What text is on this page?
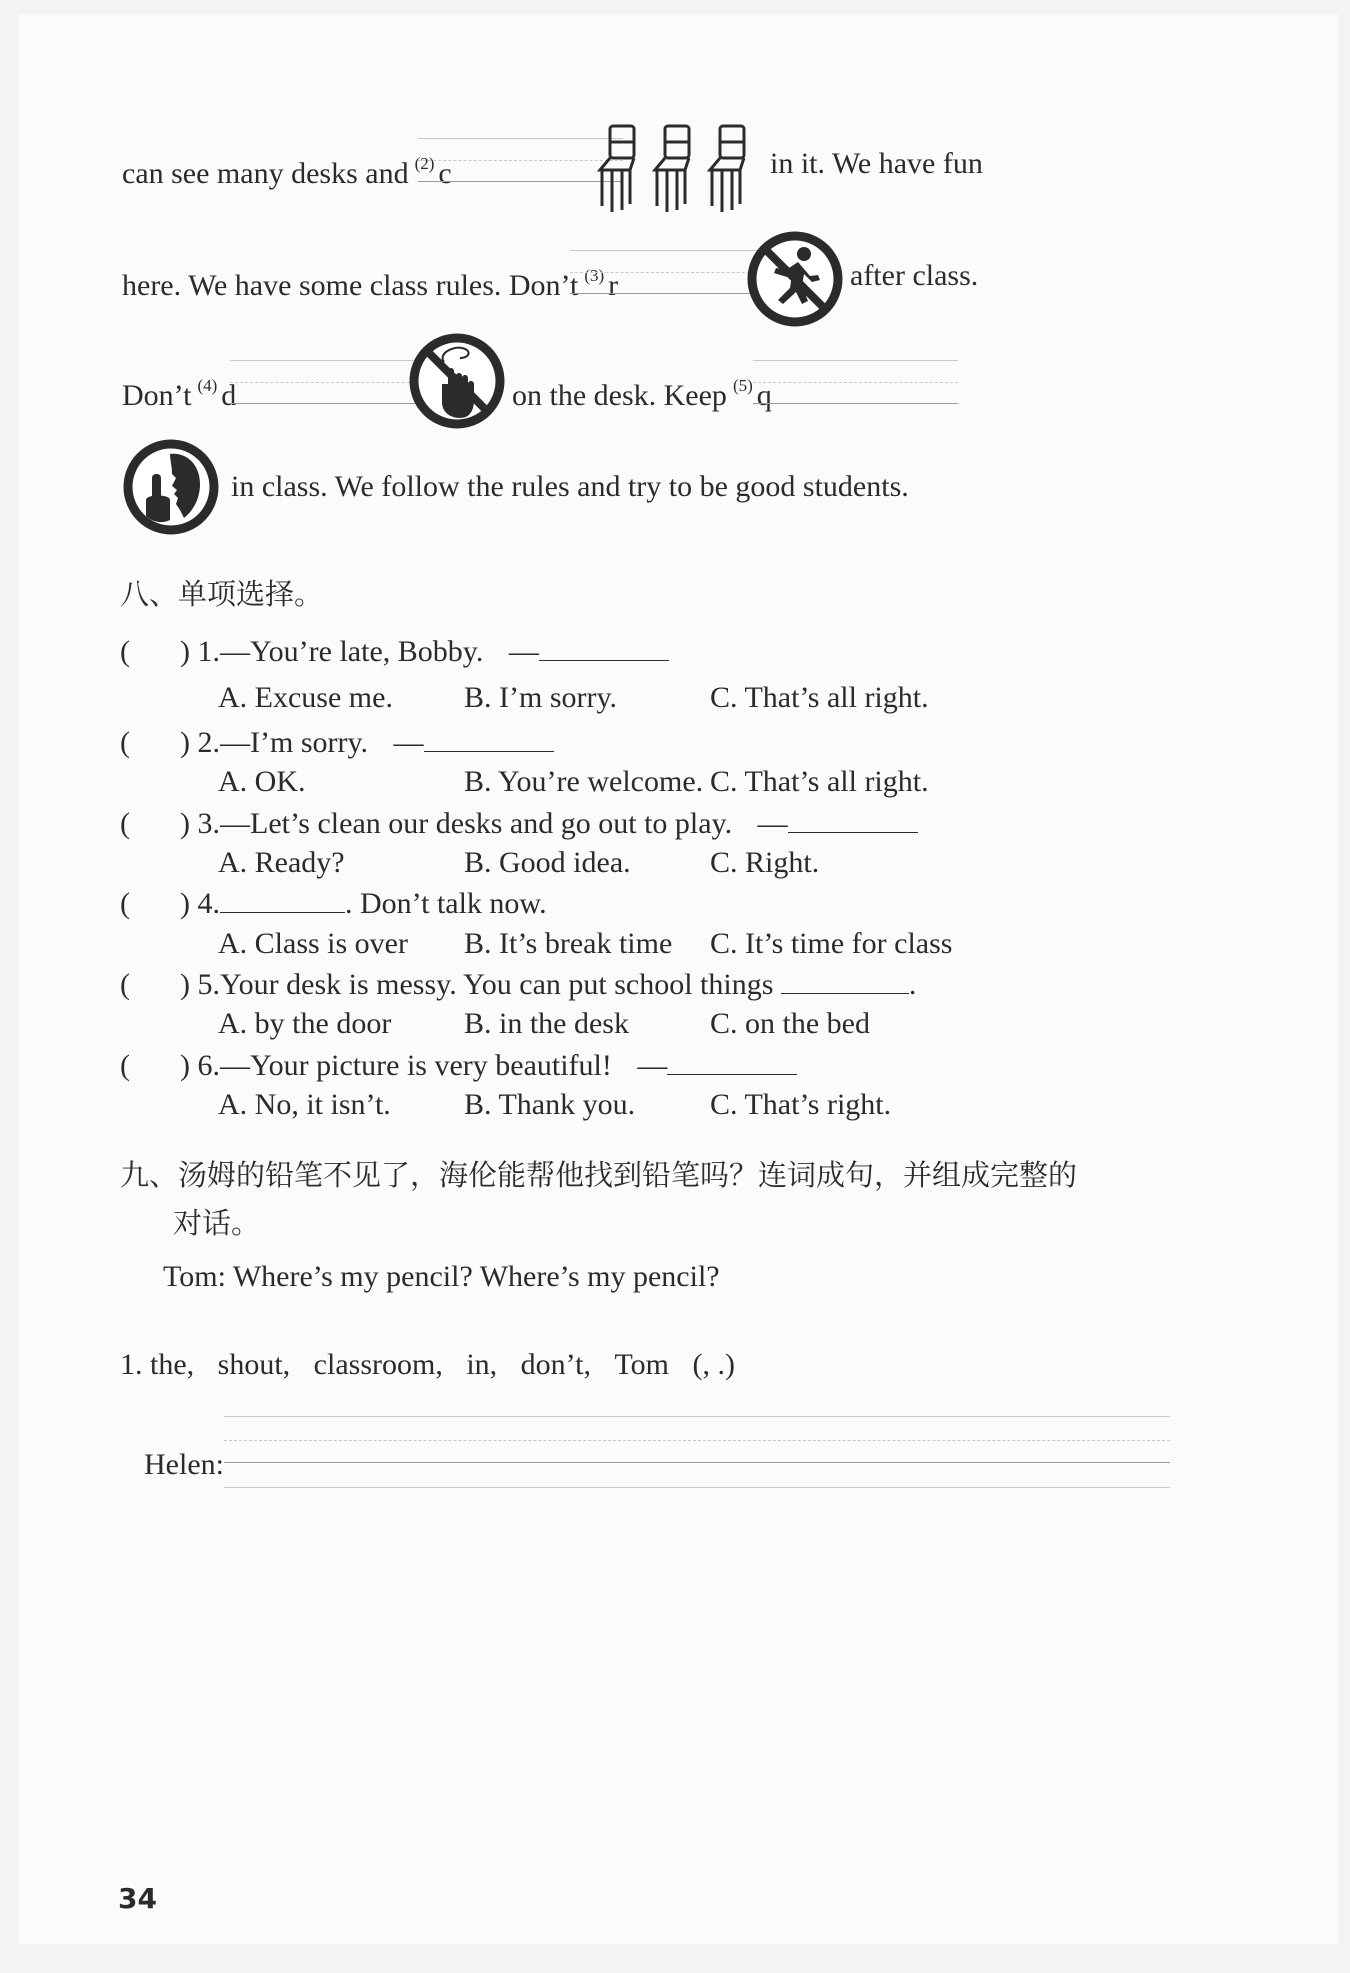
can see many desks and $^{(2)}$ c	in it. We have fun
here. We have some class rules. Don’t $^{(3)}$ r	after class.
Don’t $^{(4)}$ d	on the desk. Keep $^{(5)}$ q
in class. We follow the rules and try to be good students.
八、单项选择。
( ) 1.—You’re late, Bobby. —
A. Excuse me. B. I’m sorry.	C. That’s all right.
( ) 2.—I’m sorry. —
A. OK.	B. You’re welcome. C. That’s all right.
( ) 3.—Let’s clean our desks and go out to play. —
A. Ready?	B. Good idea.	C. Right.
( ) 4.	. Don’t talk now.
A. Class is over B. It’s break time C. It’s time for class
( ) 5.Your desk is messy. You can put school things	.
A. by the door B. in the desk	C. on the bed
( ) 6.—Your picture is very beautiful! —
A. No, it isn’t. B. Thank you. C. That’s right.
九、汤姆的铅笔不见了，海伦能帮他找到铅笔吗？连词成句，并组成完整的
对话。
Tom: Where’s my pencil? Where’s my pencil?
1. the, shout, classroom, in, don’t, Tom (, .)
Helen:
34
